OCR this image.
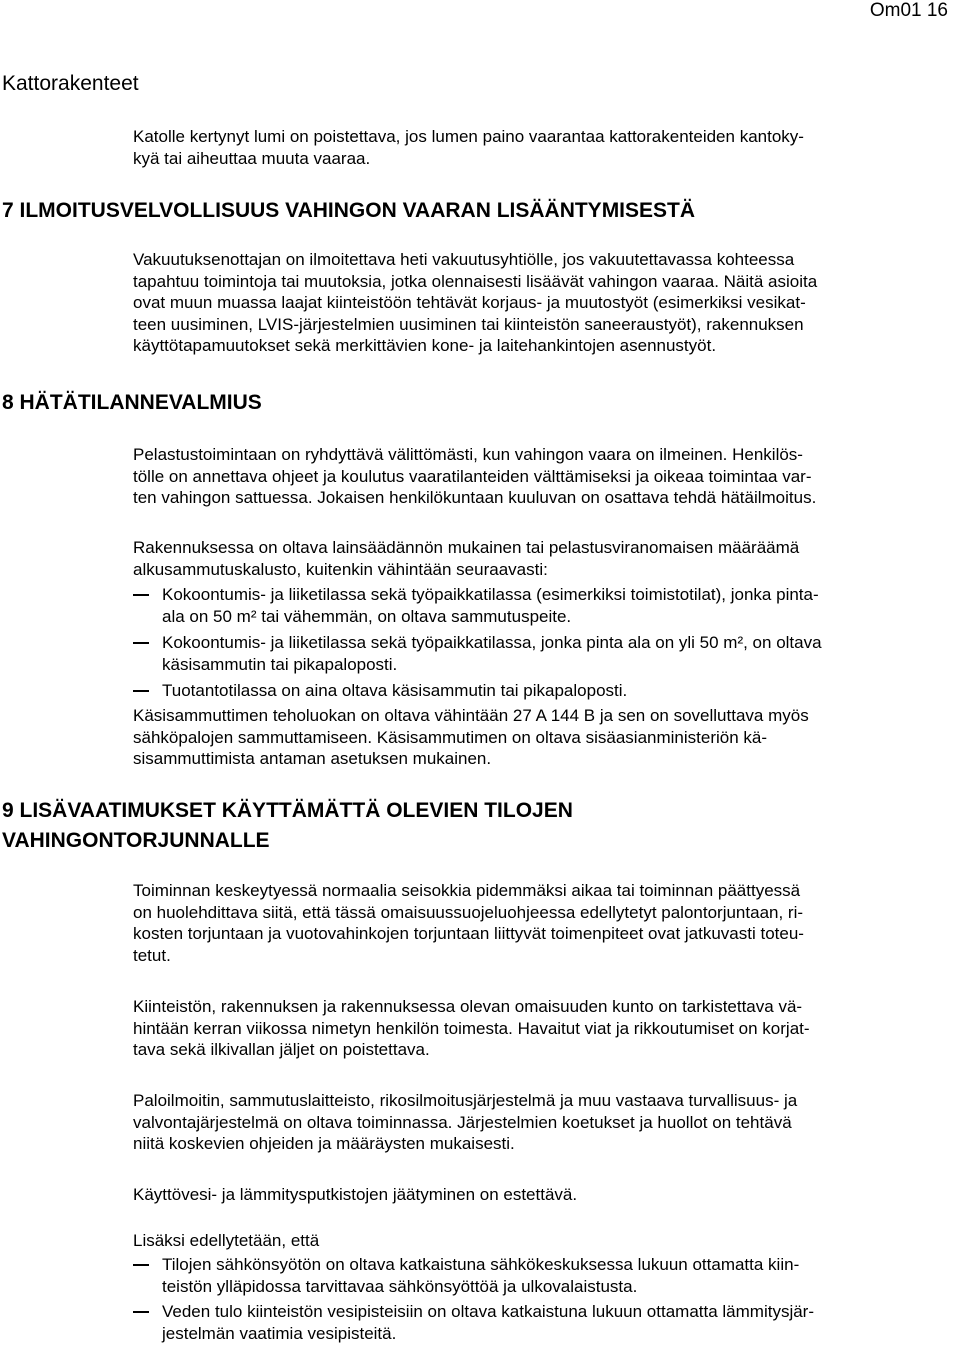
Om01 16
Kattorakenteet

Katolle kertynyt lumi on poistettava, jos lumen paino vaarantaa kattorakenteiden kantoky-
kyä tai aiheuttaa muuta vaaraa.

7 ILMOITUSVELVOLLISUUS VAHINGON VAARAN LISÄÄNTYMISESTÄ

Vakuutuksenottajan on ilmoitettava heti vakuutusyhtiölle, jos vakuutettavassa kohteessa
tapahtuu toimintoja tai muutoksia, jotka olennaisesti lisäävät vahingon vaaraa. Näitä asioita
ovat muun muassa laajat kiinteistöön tehtävät korjaus- ja muutostyöt (esimerkiksi vesikat-
teen uusiminen, LVIS-järjestelmien uusiminen tai kiinteistön saneeraustyöt), rakennuksen
käyttötapamuutokset sekä merkittävien kone- ja laitehankintojen asennustyöt.

8 HÄTÄTILANNEVALMIUS

Pelastustoimintaan on ryhdyttävä välittömästi, kun vahingon vaara on ilmeinen. Henkilös-
tölle on annettava ohjeet ja koulutus vaaratilanteiden välttämiseksi ja oikeaa toimintaa var-
ten vahingon sattuessa. Jokaisen henkilökuntaan kuuluvan on osattava tehdä hätäilmoitus.

Rakennuksessa on oltava lainsäädännön mukainen tai pelastusviranomaisen määräämä
alkusammutuskalusto, kuitenkin vähintään seuraavasti:

Kokoontumis- ja liiketilassa sekä työpaikkatilassa (esimerkiksi toimistotilat), jonka pinta-
ala on 50 m² tai vähemmän, on oltava sammutuspeite.
Kokoontumis- ja liiketilassa sekä työpaikkatilassa, jonka pinta ala on yli 50 m², on oltava
käsisammutin tai pikapaloposti.
Tuotantotilassa on aina oltava käsisammutin tai pikapaloposti.

Käsisammuttimen teholuokan on oltava vähintään 27 A 144 B ja sen on sovelluttava myös
sähköpalojen sammuttamiseen. Käsisammutimen on oltava sisäasianministeriön kä-
sisammuttimista antaman asetuksen mukainen.

9 LISÄVAATIMUKSET KÄYTTÄMÄTTÄ OLEVIEN TILOJEN
VAHINGONTORJUNNALLE

Toiminnan keskeytyessä normaalia seisokkia pidemmäksi aikaa tai toiminnan päättyessä
on huolehdittava siitä, että tässä omaisuussuojeluohjeessa edellytetyt palontorjuntaan, ri-
kosten torjuntaan ja vuotovahinkojen torjuntaan liittyvät toimenpiteet ovat jatkuvasti toteu-
tetut.

Kiinteistön, rakennuksen ja rakennuksessa olevan omaisuuden kunto on tarkistettava vä-
hintään kerran viikossa nimetyn henkilön toimesta. Havaitut viat ja rikkoutumiset on korjat-
tava sekä ilkivallan jäljet on poistettava.

Paloilmoitin, sammutuslaitteisto, rikosilmoitusjärjestelmä ja muu vastaava turvallisuus- ja
valvontajärjestelmä on oltava toiminnassa. Järjestelmien koetukset ja huollot on tehtävä
niitä koskevien ohjeiden ja määräysten mukaisesti.

Käyttövesi- ja lämmitysputkistojen jäätyminen on estettävä.

Lisäksi edellytetään, että

Tilojen sähkönsyötön on oltava katkaistuna sähkökeskuksessa lukuun ottamatta kiin-
teistön ylläpidossa tarvittavaa sähkönsyöttöä ja ulkovalaistusta.
Veden tulo kiinteistön vesipisteisiin on oltava katkaistuna lukuun ottamatta lämmitysjär-
jestelmän vaatimia vesipisteitä.
